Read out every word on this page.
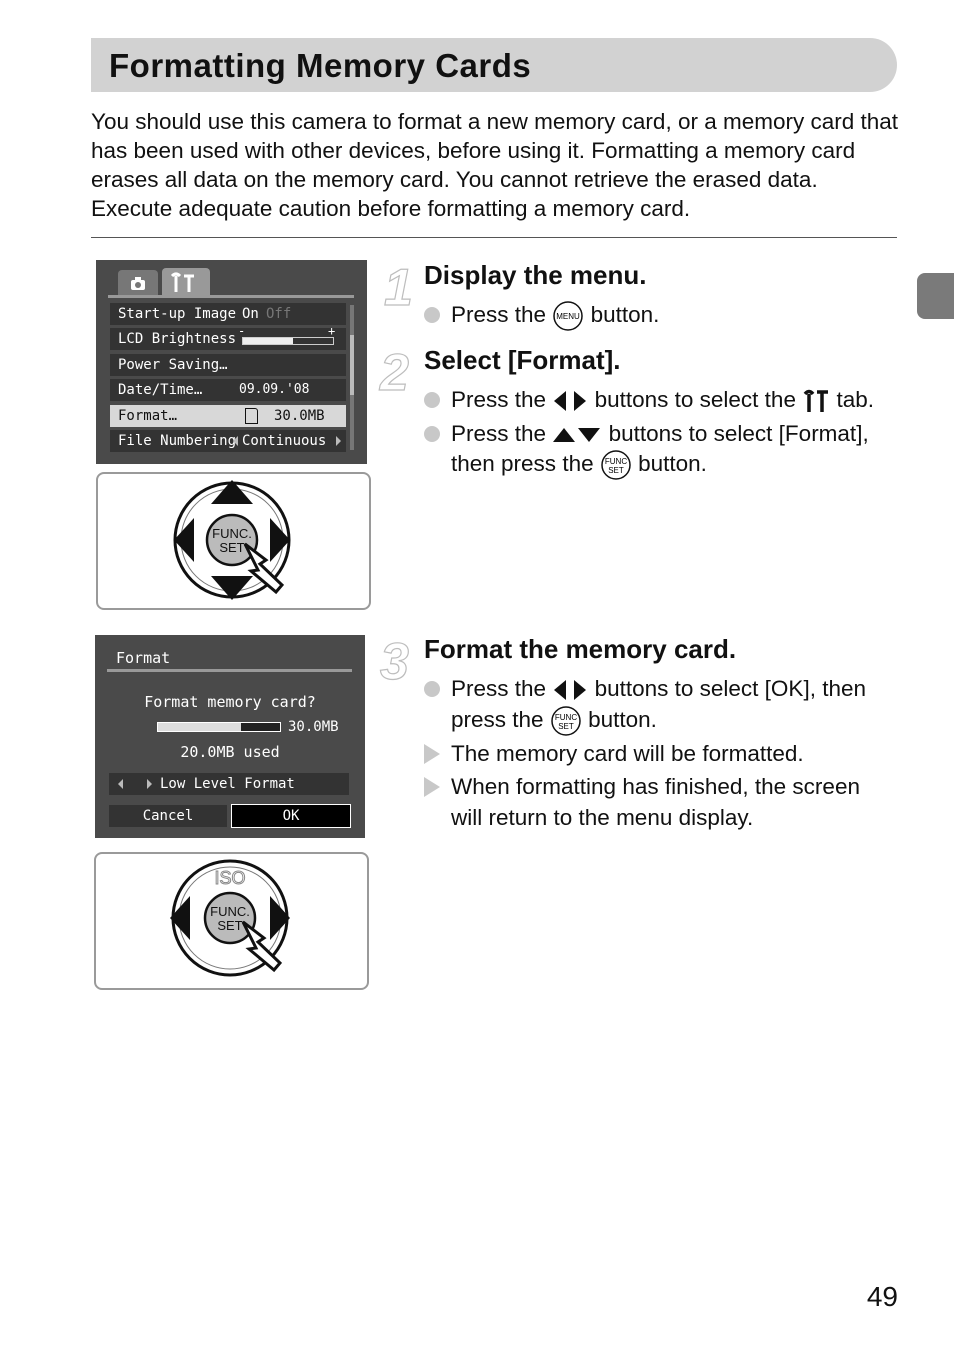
Formatting Memory Cards

You should use this camera to format a new memory card, or a memory card that has been used with other devices, before using it. Formatting a memory card erases all data on the memory card. You cannot retrieve the erased data. Execute adequate caution before formatting a memory card.

Start-up Image On Off
LCD Brightness -	+
Power Saving…
Date/Time…	09.09.'08
Format…	30.0MB
File Numbering Continuous
FUNC.
SET
Format
Format memory card?
30.0MB
20.0MB used
Low Level Format
Cancel	OK
ISO
FUNC.
SET
1 Display the menu.
Press the MENU button.
2 Select [Format].
Press the buttons to select the tab.
Press the	buttons to select [Format],
then press the FUNC
SET button.
3 Format the memory card.
Press the buttons to select [OK], then
press the FUNC
SET button.
The memory card will be formatted.
When formatting has finished, the screen
will return to the menu display.
49
